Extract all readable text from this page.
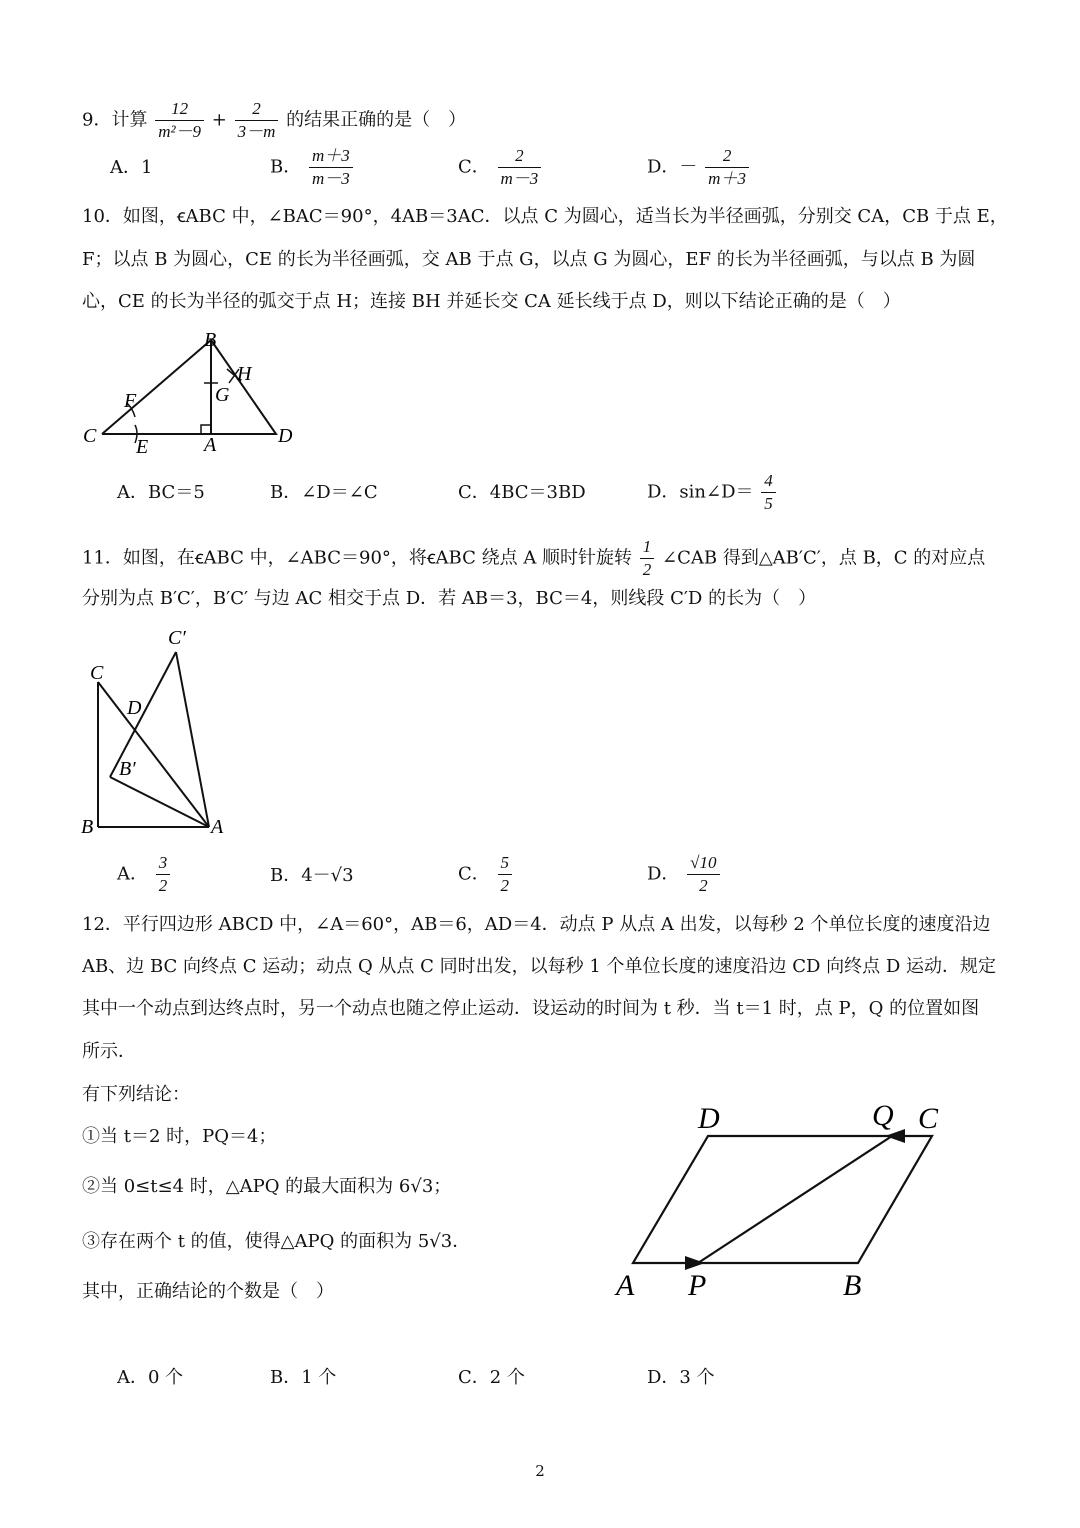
9．计算 $\frac{12}{\text{m²－9}} + \frac{2}{3-m}$ 的结果正确的是（　）
A．1	B． $\frac{m+3}{m-3}$	C． $\frac{2}{m-3}$	D．－ $\frac{2}{m+3}$
10．如图，ꞓABC 中，∠BAC＝90°，4AB＝3AC．以点 C 为圆心，适当长为半径画弧，分别交 CA，CB 于点 E，
F；以点 B 为圆心，CE 的长为半径画弧，交 AB 于点 G，以点 G 为圆心，EF 的长为半径画弧，与以点 B 为圆
心，CE 的长为半径的弧交于点 H；连接 BH 并延长交 CA 延长线于点 D，则以下结论正确的是（　）
B
H
F	G
C E	A	D
A．BC＝5	B．∠D＝∠C	C．4BC＝3BD	D．sin∠D＝ $\frac{4}{5}$
11．如图，在ꞓABC 中，∠ABC＝90°，将ꞓABC 绕点 A 顺时针旋转 $\frac{1}{2}$ ∠CAB 得到△AB′C′，点 B，C 的对应点
分别为点 B′C′，B′C′ 与边 AC 相交于点 D．若 AB＝3，BC＝4，则线段 C′D 的长为（　）
C′
C
D
B′
B	A
A． $\frac{3}{2}$	B．4－√3	C． $\frac{5}{2}$	D． $\frac{√10}{2}$
12．平行四边形 ABCD 中，∠A＝60°，AB＝6，AD＝4．动点 P 从点 A 出发，以每秒 2 个单位长度的速度沿边
AB、边 BC 向终点 C 运动；动点 Q 从点 C 同时出发，以每秒 1 个单位长度的速度沿边 CD 向终点 D 运动．规定
其中一个动点到达终点时，另一个动点也随之停止运动．设运动的时间为 t 秒．当 t＝1 时，点 P，Q 的位置如图
所示．
有下列结论：
①当 t＝2 时，PQ＝4；
②当 0≤t≤4 时，△APQ 的最大面积为 6√3；
③存在两个 t 的值，使得△APQ 的面积为 5√3．
其中，正确结论的个数是（　）
D	Q C
A P	B
A．0 个	B．1 个	C．2 个	D．3 个
2
